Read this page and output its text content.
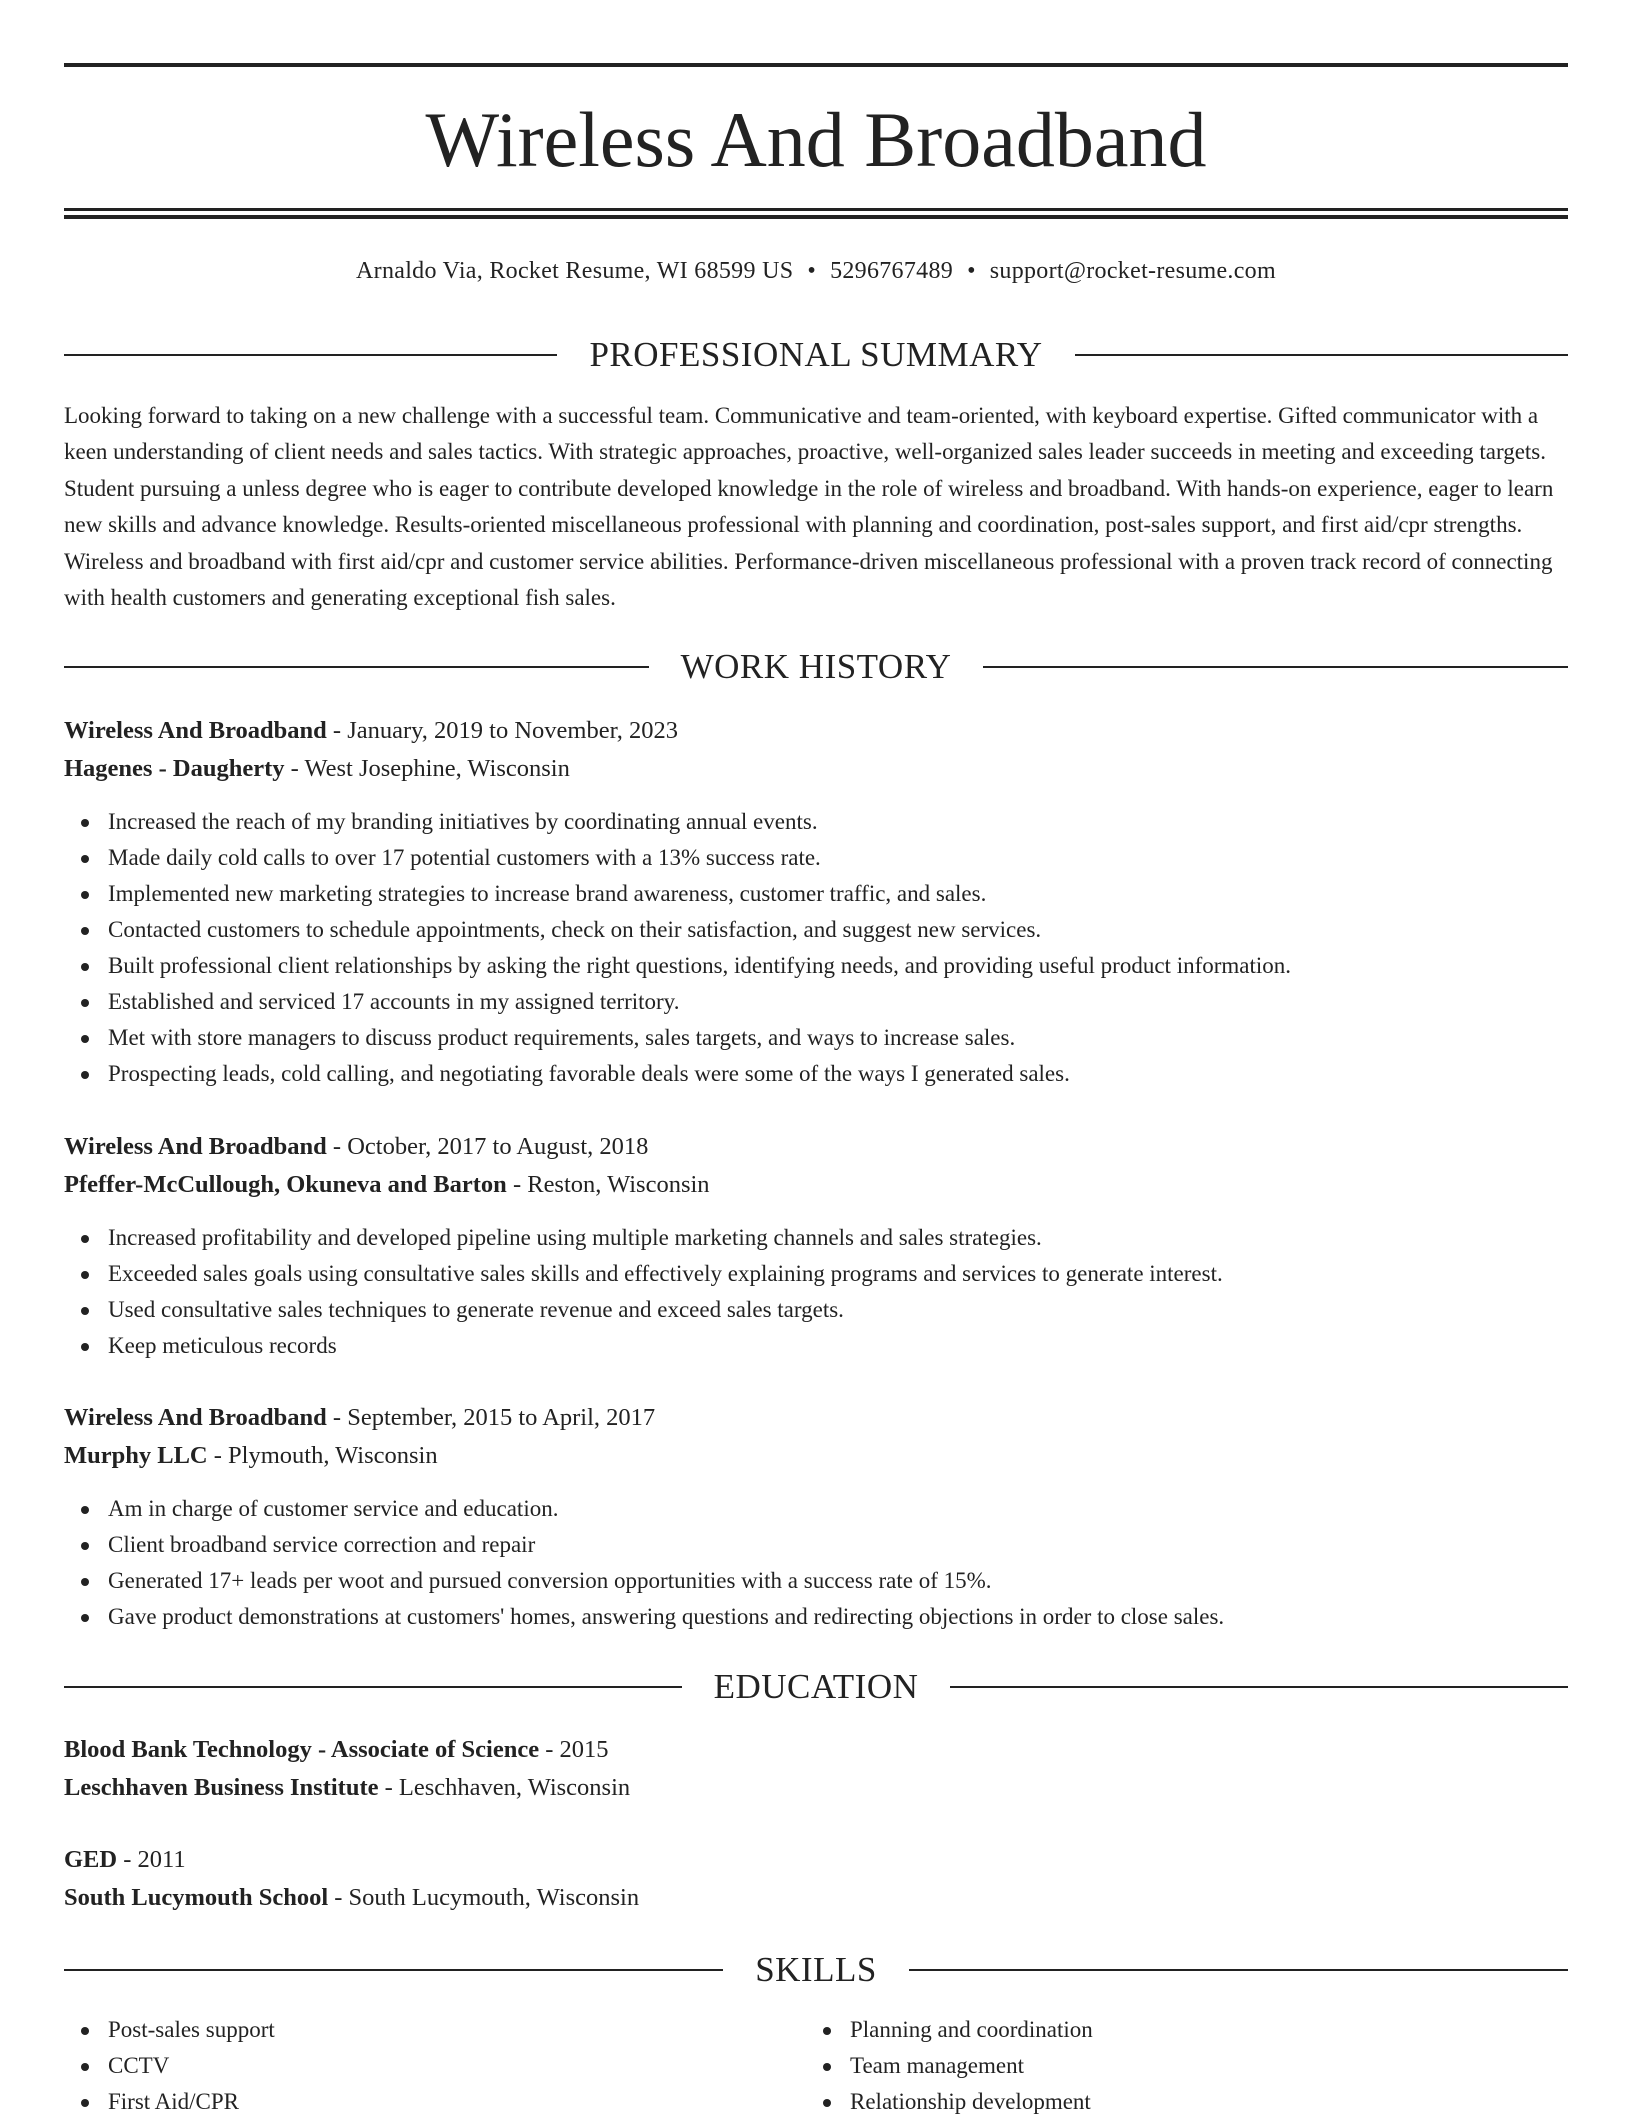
Wireless And Broadband
Arnaldo Via, Rocket Resume, WI 68599 US • 5296767489 • support@rocket-resume.com
PROFESSIONAL SUMMARY

Looking forward to taking on a new challenge with a successful team. Communicative and team-oriented, with keyboard expertise. Gifted communicator with a keen understanding of client needs and sales tactics. With strategic approaches, proactive, well-organized sales leader succeeds in meeting and exceeding targets. Student pursuing a unless degree who is eager to contribute developed knowledge in the role of wireless and broadband. With hands-on experience, eager to learn new skills and advance knowledge. Results-oriented miscellaneous professional with planning and coordination, post-sales support, and first aid/cpr strengths. Wireless and broadband with first aid/cpr and customer service abilities. Performance-driven miscellaneous professional with a proven track record of connecting with health customers and generating exceptional fish sales.

WORK HISTORY
Wireless And Broadband - January, 2019 to November, 2023
Hagenes - Daugherty - West Josephine, Wisconsin
Increased the reach of my branding initiatives by coordinating annual events.
Made daily cold calls to over 17 potential customers with a 13% success rate.
Implemented new marketing strategies to increase brand awareness, customer traffic, and sales.
Contacted customers to schedule appointments, check on their satisfaction, and suggest new services.
Built professional client relationships by asking the right questions, identifying needs, and providing useful product information.
Established and serviced 17 accounts in my assigned territory.
Met with store managers to discuss product requirements, sales targets, and ways to increase sales.
Prospecting leads, cold calling, and negotiating favorable deals were some of the ways I generated sales.
Wireless And Broadband - October, 2017 to August, 2018
Pfeffer-McCullough, Okuneva and Barton - Reston, Wisconsin
Increased profitability and developed pipeline using multiple marketing channels and sales strategies.
Exceeded sales goals using consultative sales skills and effectively explaining programs and services to generate interest.
Used consultative sales techniques to generate revenue and exceed sales targets.
Keep meticulous records
Wireless And Broadband - September, 2015 to April, 2017
Murphy LLC - Plymouth, Wisconsin
Am in charge of customer service and education.
Client broadband service correction and repair
Generated 17+ leads per woot and pursued conversion opportunities with a success rate of 15%.
Gave product demonstrations at customers' homes, answering questions and redirecting objections in order to close sales.
EDUCATION
Blood Bank Technology - Associate of Science - 2015
Leschhaven Business Institute - Leschhaven, Wisconsin
GED - 2011
South Lucymouth School - South Lucymouth, Wisconsin
SKILLS
Post-sales support
CCTV
First Aid/CPR
Planning and coordination
Team management
Relationship development
